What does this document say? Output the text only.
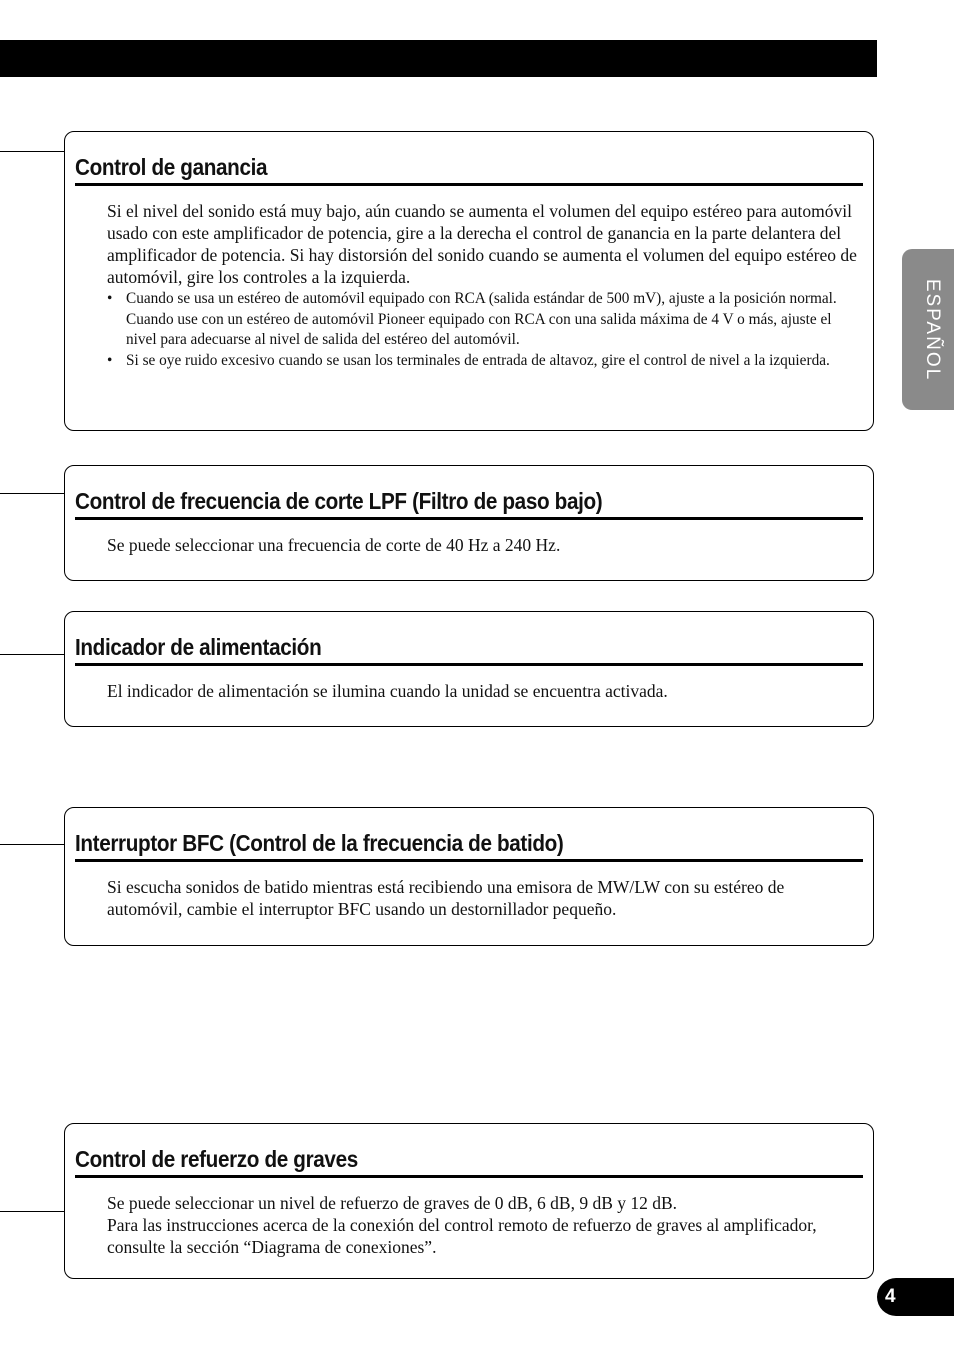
ESPAÑOL
Control de ganancia

Si el nivel del sonido está muy bajo, aún cuando se aumenta el volumen del equipo estéreo para automóvil usado con este amplificador de potencia, gire a la derecha el control de ganancia en la parte delantera del amplificador de potencia. Si hay distorsión del sonido cuando se aumenta el volumen del equipo estéreo de automóvil, gire los controles a la izquierda.

• Cuando se usa un estéreo de automóvil equipado con RCA (salida estándar de 500 mV), ajuste a la posición normal. Cuando use con un estéreo de automóvil Pioneer equipado con RCA con una salida máxima de 4 V o más, ajuste el nivel para adecuarse al nivel de salida del estéreo del automóvil.
• Si se oye ruido excesivo cuando se usan los terminales de entrada de altavoz, gire el control de nivel a la izquierda.
Control de frecuencia de corte LPF (Filtro de paso bajo)

Se puede seleccionar una frecuencia de corte de 40 Hz a 240 Hz.

Indicador de alimentación

El indicador de alimentación se ilumina cuando la unidad se encuentra activada.

Interruptor BFC (Control de la frecuencia de batido)

Si escucha sonidos de batido mientras está recibiendo una emisora de MW/LW con su estéreo de automóvil, cambie el interruptor BFC usando un destornillador pequeño.

Control de refuerzo de graves

Se puede seleccionar un nivel de refuerzo de graves de 0 dB, 6 dB, 9 dB y 12 dB.

Para las instrucciones acerca de la conexión del control remoto de refuerzo de graves al amplificador, consulte la sección “Diagrama de conexiones”.

4
